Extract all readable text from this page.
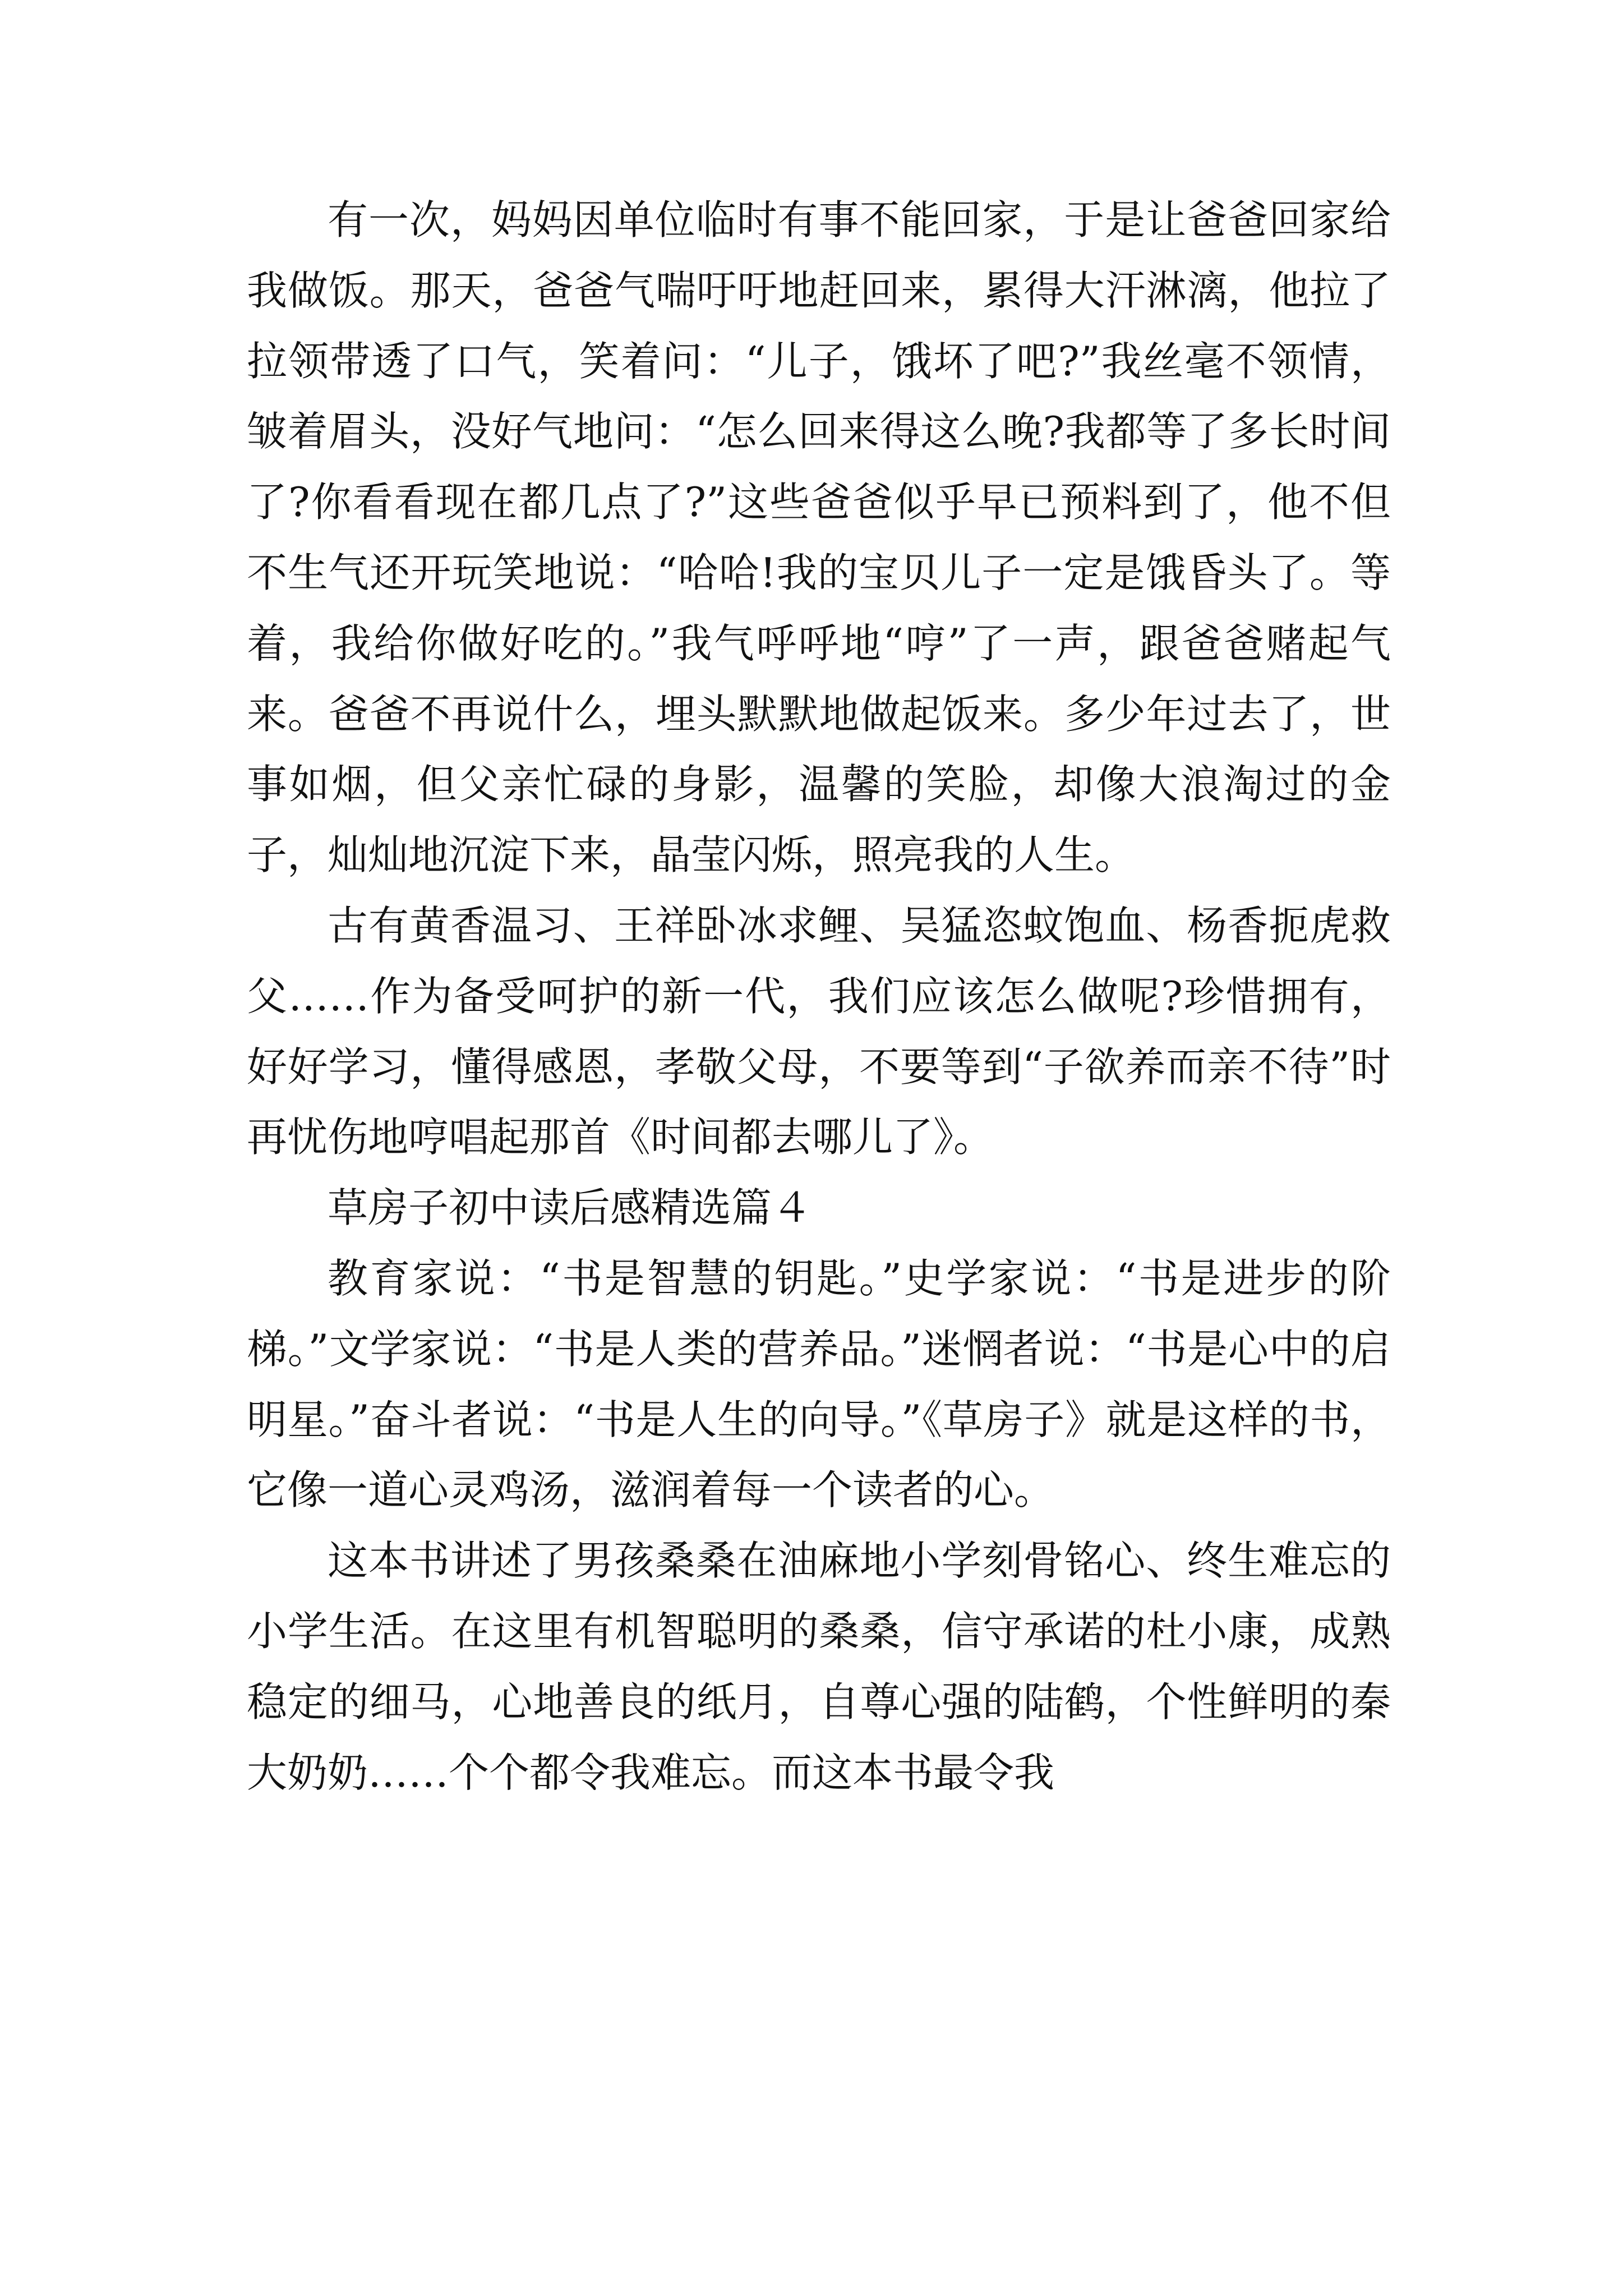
有一次，妈妈因单位临时有事不能回家，于是让爸爸回家给我做饭。那天，爸爸气喘吁吁地赶回来，累得大汗淋漓，他拉了拉领带透了口气，笑着问：“儿子，饿坏了吧?”我丝毫不领情，皱着眉头，没好气地问：“怎么回来得这么晚?我都等了多长时间了?你看看现在都几点了?”这些爸爸似乎早已预料到了，他不但不生气还开玩笑地说：“哈哈!我的宝贝儿子一定是饿昏头了。等着，我给你做好吃的。”我气呼呼地“哼”了一声，跟爸爸赌起气来。爸爸不再说什么，埋头默默地做起饭来。多少年过去了，世事如烟，但父亲忙碌的身影，温馨的笑脸，却像大浪淘过的金子，灿灿地沉淀下来，晶莹闪烁，照亮我的人生。

古有黄香温习、王祥卧冰求鲤、吴猛恣蚊饱血、杨香扼虎救父……作为备受呵护的新一代，我们应该怎么做呢?珍惜拥有，好好学习，懂得感恩，孝敬父母，不要等到“子欲养而亲不待”时再忧伤地哼唱起那首《时间都去哪儿了》。

草房子初中读后感精选篇４

教育家说：“书是智慧的钥匙。”史学家说：“书是进步的阶梯。”文学家说：“书是人类的营养品。”迷惘者说：“书是心中的启明星。”奋斗者说：“书是人生的向导。”《草房子》就是这样的书，它像一道心灵鸡汤，滋润着每一个读者的心。

这本书讲述了男孩桑桑在油麻地小学刻骨铭心、终生难忘的小学生活。在这里有机智聪明的桑桑，信守承诺的杜小康，成熟稳定的细马，心地善良的纸月，自尊心强的陆鹤，个性鲜明的秦大奶奶……个个都令我难忘。而这本书最令我
